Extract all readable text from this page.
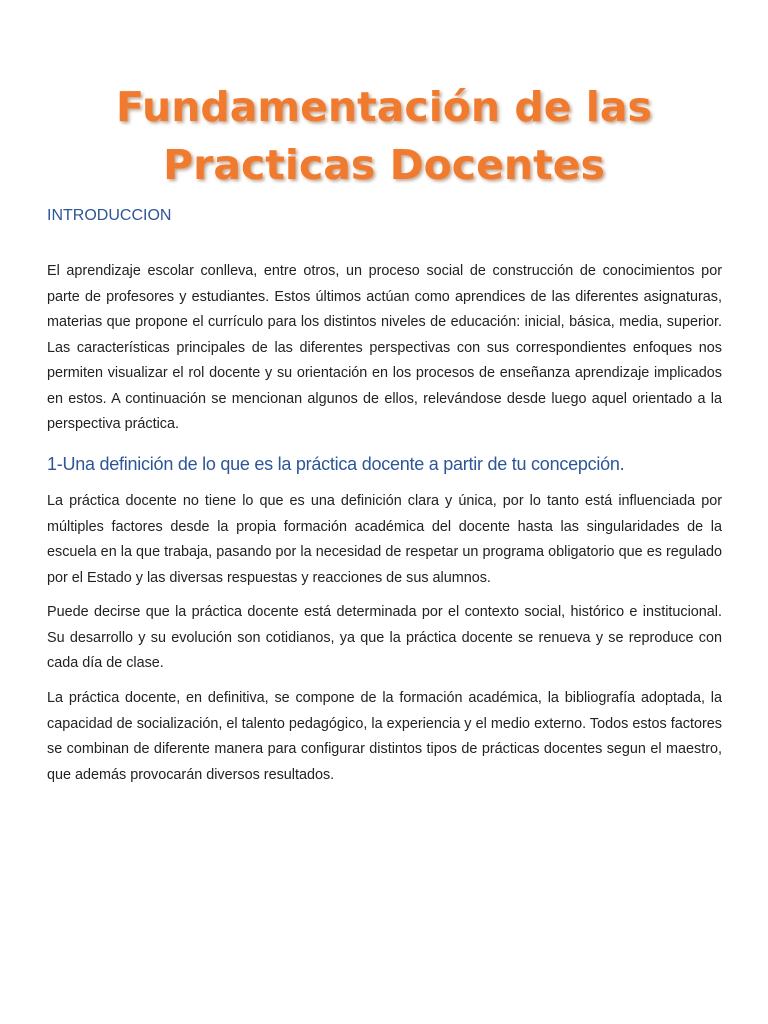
Fundamentación de las
Practicas Docentes
INTRODUCCION

El aprendizaje escolar conlleva, entre otros, un proceso social de construcción de conocimientos por parte de profesores y estudiantes. Estos últimos actúan como aprendices de las diferentes asignaturas, materias que propone el currículo para los distintos niveles de educación: inicial, básica, media, superior. Las características principales de las diferentes perspectivas con sus correspondientes enfoques nos permiten visualizar el rol docente y su orientación en los procesos de enseñanza aprendizaje implicados en estos. A continuación se mencionan algunos de ellos, relevándose desde luego aquel orientado a la perspectiva práctica.

1-Una definición de lo que es la práctica docente a partir de tu concepción.

La práctica docente no tiene lo que es una definición clara y única, por lo tanto está influenciada por múltiples factores desde la propia formación académica del docente hasta las singularidades de la escuela en la que trabaja, pasando por la necesidad de respetar un programa obligatorio que es regulado por el Estado y las diversas respuestas y reacciones de sus alumnos.

Puede decirse que la práctica docente está determinada por el contexto social, histórico e institucional. Su desarrollo y su evolución son cotidianos, ya que la práctica docente se renueva y se reproduce con cada día de clase.

La práctica docente, en definitiva, se compone de la formación académica, la bibliografía adoptada, la capacidad de socialización, el talento pedagógico, la experiencia y el medio externo. Todos estos factores se combinan de diferente manera para configurar distintos tipos de prácticas docentes segun el maestro, que además provocarán diversos resultados.
